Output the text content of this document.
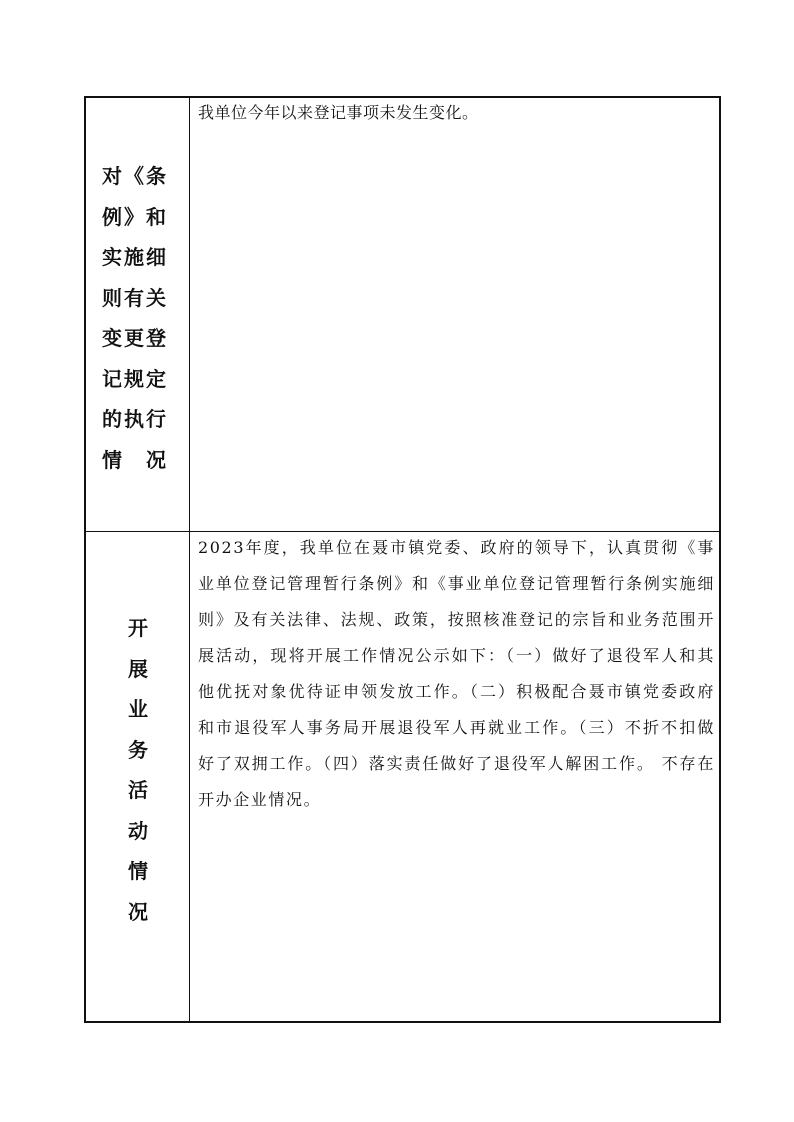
对《条
例》和
实施细
则有关
变更登
记规定
的执行
情 况

我单位今年以来登记事项未发生变化。

开
展
业
务
活
动
情
况

2023年度，我单位在聂市镇党委、政府的领导下，认真贯彻《事业单位登记管理暂行条例》和《事业单位登记管理暂行条例实施细则》及有关法律、法规、政策，按照核准登记的宗旨和业务范围开展活动，现将开展工作情况公示如下：（一）做好了退役军人和其他优抚对象优待证申领发放工作。（二）积极配合聂市镇党委政府和市退役军人事务局开展退役军人再就业工作。（三）不折不扣做好了双拥工作。（四）落实责任做好了退役军人解困工作。 不存在开办企业情况。
